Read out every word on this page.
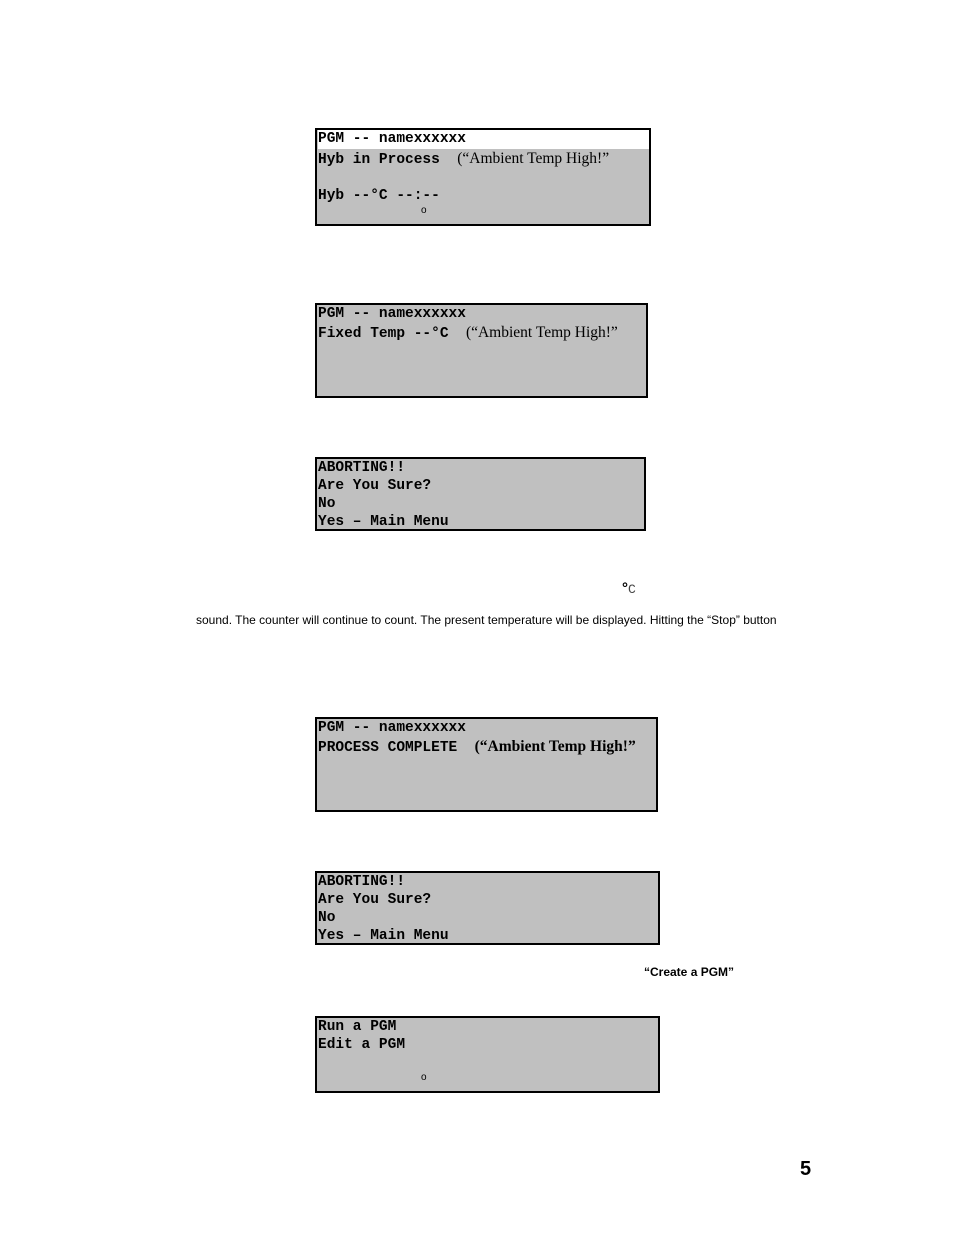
PGM -- namexxxxxx
Hyb in Process (“Ambient Temp High!”
Hyb --°C --:--
o
PGM -- namexxxxxx
Fixed Temp --°C (“Ambient Temp High!”
ABORTING!!
Are You Sure?
No
Yes – Main Menu
°C
sound. The counter will continue to count. The present temperature will be displayed. Hitting the “Stop” button
PGM -- namexxxxxx
PROCESS COMPLETE (“Ambient Temp High!”
ABORTING!!
Are You Sure?
No
Yes – Main Menu
“Create a PGM”
Run a PGM
Edit a PGM
o
5
